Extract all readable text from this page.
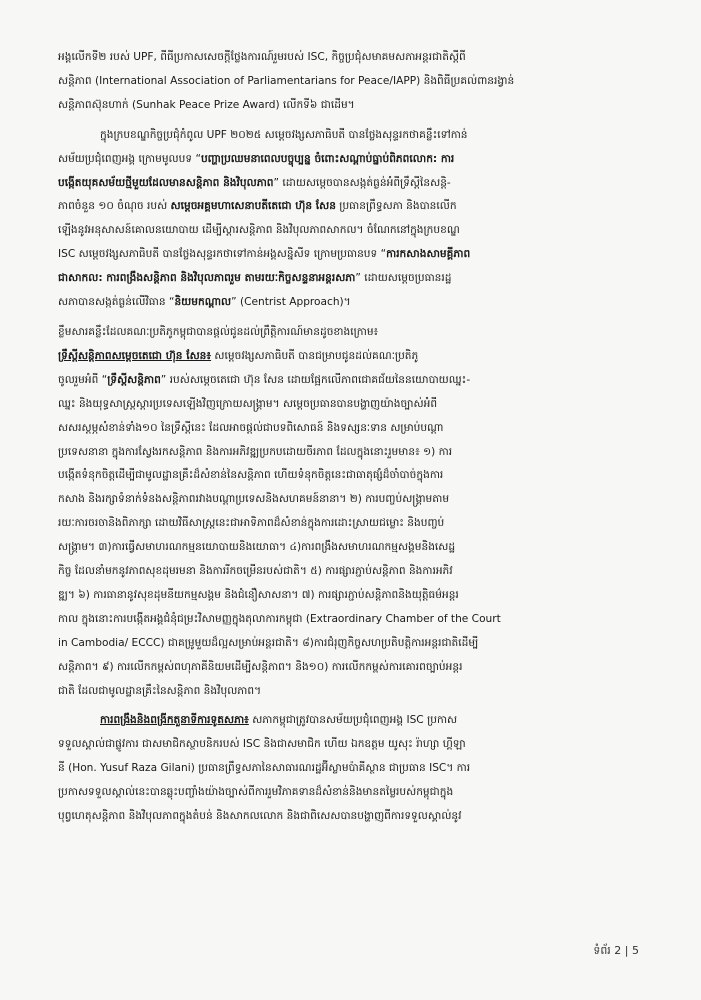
អង្គលើកទី២ របស់ UPF, ពីធីប្រកាសសេចក្តីថ្លែងការណ៍រួមរបស់ ISC, កិច្ចប្រជុំសមាគមសភាអន្តរជាតិស្តីពី
សន្តិភាព (International Association of Parliamentarians for Peace/IAPP) និងពិធីប្រគល់ពានរង្វាន់
សន្តិភាពស៊ុនហាក់ (Sunhak Peace Prize Award) លើកទី៦ ជាដើម។
ក្នុងក្របខណ្ឌកិច្ចប្រជុំកំពូល UPF ២០២៥ សម្តេចវង្សសភាធិបតី បានថ្លែងសុន្ទរកថាគន្លឹះទៅកាន់
សម័យប្រជុំពេញអង្គ ក្រោមមូលបទ “បញ្ហាប្រឈមនាពេលបច្ចុប្បន្ន ចំពោះសណ្តាប់ធ្នាប់ពិភពលោក: ការ
បង្កើតយុគសម័យថ្មីមួយដែលមានសន្តិភាព និងវិបុលភាព” ដោយសម្តេចបានសង្កត់ធ្ងន់អំពីទ្រឹស្តីនៃសន្តិ-
ភាពចំនួន ១០ ចំណុច របស់ សម្តេចអគ្គមហាសេនាបតីតេជោ ហ៊ុន សែន ប្រធានព្រឹទ្ធសភា និងបានលើក
ឡើងនូវអនុសាសន៍គោលនយោបាយ ដើម្បីស្តារសន្តិភាព និងវិបុលភាពសាកល។ ចំណែកនៅក្នុងក្របខណ្ឌ
ISC សម្តេចវង្សសភាធិបតី បានថ្លែងសុន្ទរកថាទៅកាន់អង្គសន្និសីទ ក្រោមប្រធានបទ “ការកសាងសាមគ្គីភាព
ជាសាកល: ការពង្រឹងសន្តិភាព និងវិបុលភាពរួម តាមរយៈកិច្ចសន្ទនាអន្តរសភា” ដោយសម្តេចប្រធានរដ្ឋ
សភាបានសង្កត់ធ្ងន់លើវិធាន “និយមកណ្តាល” (Centrist Approach)។
ខ្លឹមសារគន្លឹះដែលគណៈប្រតិភូកម្ពុជាបានផ្តល់ជូនដល់ព្រឹត្តិការណ៍មានដូចខាងក្រោម៖
ទ្រឹស្តីសន្តិភាពសម្តេចតេជោ ហ៊ុន សែន៖ សម្តេចវង្សសភាធិបតី បានជម្រាបជូនដល់គណៈប្រតិភូ
ចូលរួមអំពី “ទ្រឹស្តីសន្តិភាព” របស់សម្តេចតេជោ ហ៊ុន សែន ដោយផ្អែកលើភាពជោគជ័យនៃនយោបាយឈ្នះ-
ឈ្នះ និងយុទ្ធសាស្រ្តស្តារប្រទេសឡើងវិញក្រោយសង្គ្រាម។ សម្តេចប្រធានបានបង្ហាញយ៉ាងច្បាស់អំពី
សសរស្តម្ភសំខាន់ទាំង១០ នៃទ្រឹស្តីនេះ ដែលអាចផ្តល់ជាបទពិសោធន៍ និងទស្សនៈទាន សម្រាប់បណ្តា
ប្រទេសនានា ក្នុងការស្វែងរកសន្តិភាព និងការអភិវឌ្ឍប្រកបដោយចីរភាព ដែលក្នុងនោះរួមមាន៖ ១) ការ
បង្កើតទំនុកចិត្តដើម្បីជាមូលដ្ឋានគ្រឹះដ៏សំខាន់នៃសន្តិភាព ហើយទំនុកចិត្តនេះជាធាតុផ្សំដ៏ចាំបាច់ក្នុងការ
កសាង និងរក្សាទំនាក់ទំនងសន្តិភាពរវាងបណ្តាប្រទេសនិងសហគមន៍នានា។ ២) ការបញ្ចប់សង្គ្រាមតាម
រយៈការចរចានិងពិភាក្សា ដោយវិធីសាស្ត្រនេះជាអាទិភាពដ៏សំខាន់ក្នុងការដោះស្រាយជម្លោះ និងបញ្ចប់
សង្គ្រាម។ ៣)ការធ្វើសមាហរណកម្មនយោបាយនិងយោធា។ ៤)ការពង្រឹងសមាហរណកម្មសង្គមនិងសេដ្ឋ
កិច្ច ដែលនាំមកនូវភាពសុខដុមរមនា និងការរីកចម្រើនរបស់ជាតិ។ ៥) ការផ្សារភ្ជាប់សន្តិភាព និងការអភិវ
ឌ្ឍ។ ៦) ការធានានូវសុខដុមនីយកម្មសង្គម និងជំនឿសាសនា។ ៧) ការផ្សារភ្ជាប់សន្តិភាពនិងយុត្តិធម៌អន្តរ
កាល ក្នុងនោះការបង្កើតអង្គជំនុំជម្រះវិសាមញ្ញក្នុងតុលាការកម្ពុជា (Extraordinary Chamber of the Court
in Cambodia/ ECCC) ជាគម្រូមួយដ៏ល្អសម្រាប់អន្តរជាតិ។ ៨)ការជំរុញកិច្ចសហប្រតិបត្តិការអន្តរជាតិដើម្បី
សន្តិភាព។ ៩) ការលើកកម្ពស់ពហុភាគីនិយមដើម្បីសន្តិភាព។ និង១០) ការលើកកម្ពស់ការគោរពច្បាប់អន្តរ
ជាតិ ដែលជាមូលដ្ឋានគ្រឹះនៃសន្តិភាព និងវិបុលភាព។
ការពង្រឹងនិងពង្រីកតួនាទីការទូតសភា៖ សភាកម្ពុជាត្រូវបានសម័យប្រជុំពេញអង្គ ISC ប្រកាស
ទទួលស្គាល់ជាផ្លូវការ ជាសមាជិកស្ថាបនិករបស់ ISC និងជាសមាជិក ហើយ ឯកឧត្តម យូសុះ រ៉ាហ្សា ហ្គីឡា
នី (Hon. Yusuf Raza Gilani) ប្រធានព្រឹទ្ធសភានៃសាធារណរដ្ឋអ៊ីស្លាមប៉ាគីស្ថាន ជាប្រធាន ISC។ ការ
ប្រកាសទទួលស្គាល់នេះបានឆ្លុះបញ្ចាំងយ៉ាងច្បាស់ពីការរួមវិភាគទានដ៏សំខាន់និងមានតម្លៃរបស់កម្ពុជាក្នុង
បុព្វហេតុសន្តិភាព និងវិបុលភាពក្នុងតំបន់ និងសាកលលោក និងជាពិសេសបានបង្ហាញពីការទទួលស្គាល់នូវ
ទំព័រ 2 | 5
